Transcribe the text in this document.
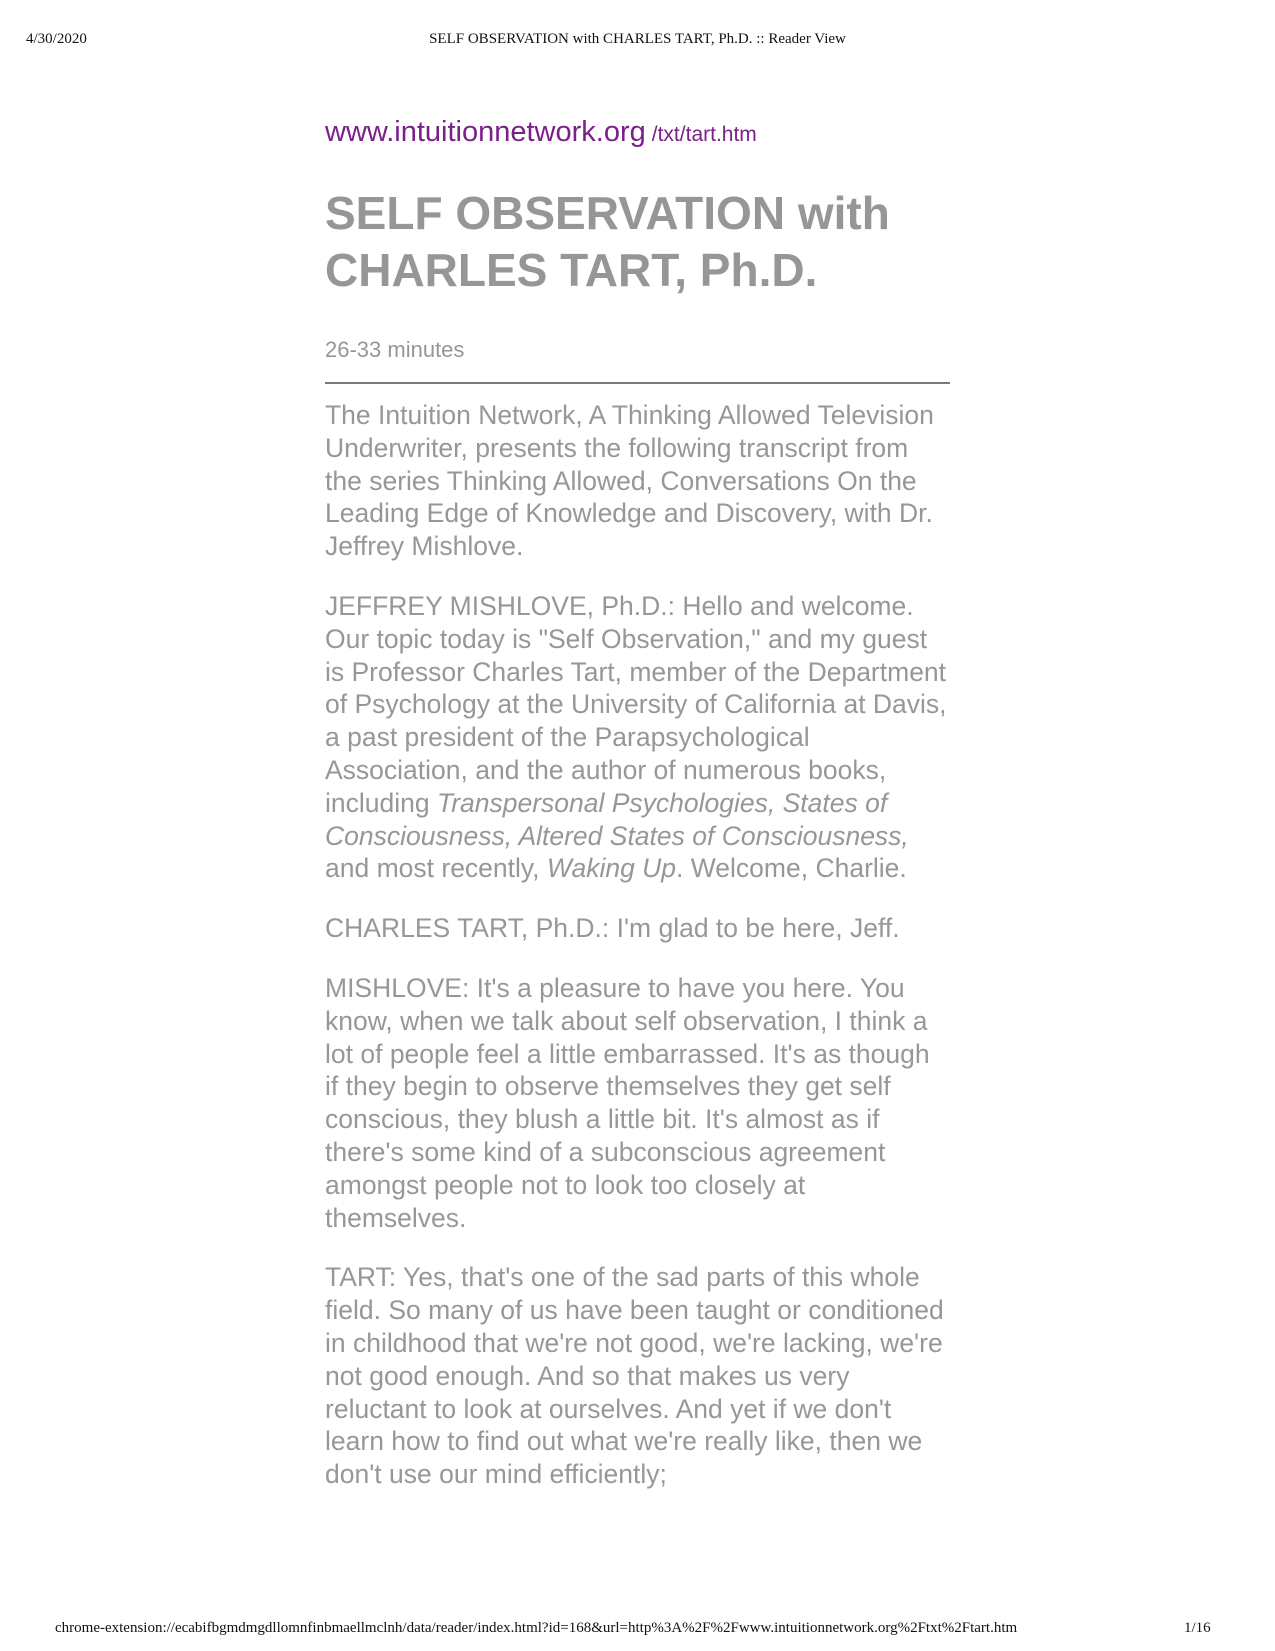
4/30/2020	SELF OBSERVATION with CHARLES TART, Ph.D. :: Reader View
www.intuitionnetwork.org /txt/tart.htm
SELF OBSERVATION with CHARLES TART, Ph.D.
26-33 minutes

The Intuition Network, A Thinking Allowed Television Underwriter, presents the following transcript from the series Thinking Allowed, Conversations On the Leading Edge of Knowledge and Discovery, with Dr. Jeffrey Mishlove.

JEFFREY MISHLOVE, Ph.D.: Hello and welcome. Our topic today is "Self Observation," and my guest is Professor Charles Tart, member of the Department of Psychology at the University of California at Davis, a past president of the Parapsychological Association, and the author of numerous books, including Transpersonal Psychologies, States of Consciousness, Altered States of Consciousness, and most recently, Waking Up. Welcome, Charlie.

CHARLES TART, Ph.D.: I'm glad to be here, Jeff.

MISHLOVE: It's a pleasure to have you here. You know, when we talk about self observation, I think a lot of people feel a little embarrassed. It's as though if they begin to observe themselves they get self conscious, they blush a little bit. It's almost as if there's some kind of a subconscious agreement amongst people not to look too closely at themselves.

TART: Yes, that's one of the sad parts of this whole field. So many of us have been taught or conditioned in childhood that we're not good, we're lacking, we're not good enough. And so that makes us very reluctant to look at ourselves. And yet if we don't learn how to find out what we're really like, then we don't use our mind efficiently;

chrome-extension://ecabifbgmdmgdllomnfinbmaellmclnh/data/reader/index.html?id=168&url=http%3A%2F%2Fwww.intuitionnetwork.org%2Ftxt%2Ftart.htm	1/16
